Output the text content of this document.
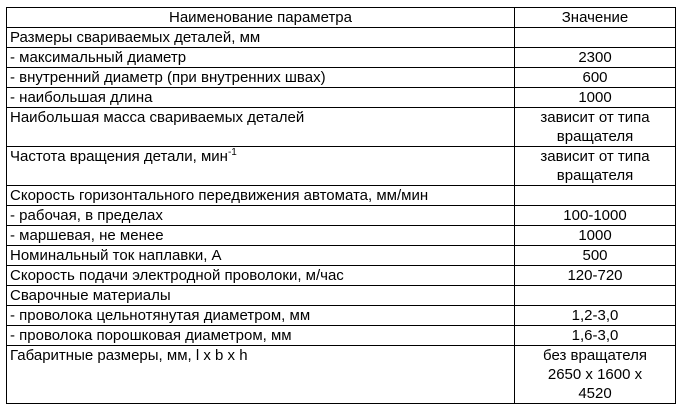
Наименование параметра	Значение
Размеры свариваемых деталей, мм	
- максимальный диаметр	2300
- внутренний диаметр (при внутренних швах)	600
- наибольшая длина	1000
Наибольшая масса свариваемых деталей	зависит от типа
вращателя

Частота вращения детали, мин$^{-1}$	зависит от типа
вращателя

Скорость горизонтального передвижения автомата, мм/мин	
- рабочая, в пределах	100-1000
- маршевая, не менее	1000
Номинальный ток наплавки, А	500
Скорость подачи электродной проволоки, м/час	120-720
Сварочные материалы	
- проволока цельнотянутая диаметром, мм	1,2-3,0
- проволока порошковая диаметром, мм	1,6-3,0
Габаритные размеры, мм, l x b x h	без вращателя
2650 х 1600 х
4520
